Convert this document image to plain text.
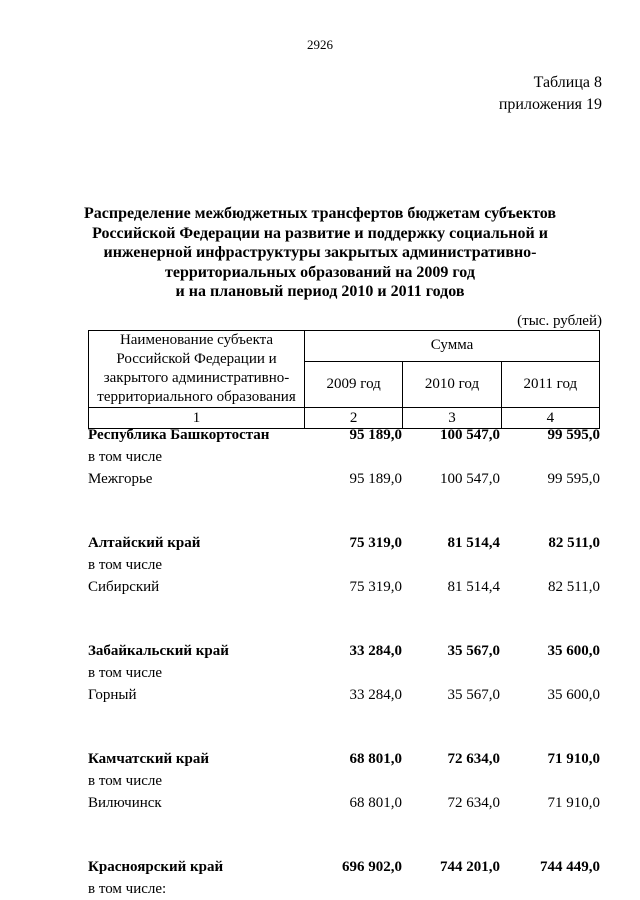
2926
Таблица 8
приложения 19
Распределение межбюджетных трансфертов бюджетам субъектов
Российской Федерации на развитие и поддержку социальной и
инженерной инфраструктуры закрытых административно-
территориальных образований на 2009 год
и на плановый период 2010 и 2011 годов
(тыс. рублей)
Наименование субъекта
Российской Федерации и
закрытого административно-
территориального образования	Сумма		
	2009 год	2010 год	2011 год
1	2	3	4
Республика Башкортостан	95 189,0	100 547,0	99 595,0
в том числе
Межгорье	95 189,0	100 547,0	99 595,0
Алтайский край	75 319,0	81 514,4	82 511,0
в том числе
Сибирский	75 319,0	81 514,4	82 511,0
Забайкальский край	33 284,0	35 567,0	35 600,0
в том числе
Горный	33 284,0	35 567,0	35 600,0
Камчатский край	68 801,0	72 634,0	71 910,0
в том числе
Вилючинск	68 801,0	72 634,0	71 910,0
Красноярский край	696 902,0	744 201,0	744 449,0
в том числе:
